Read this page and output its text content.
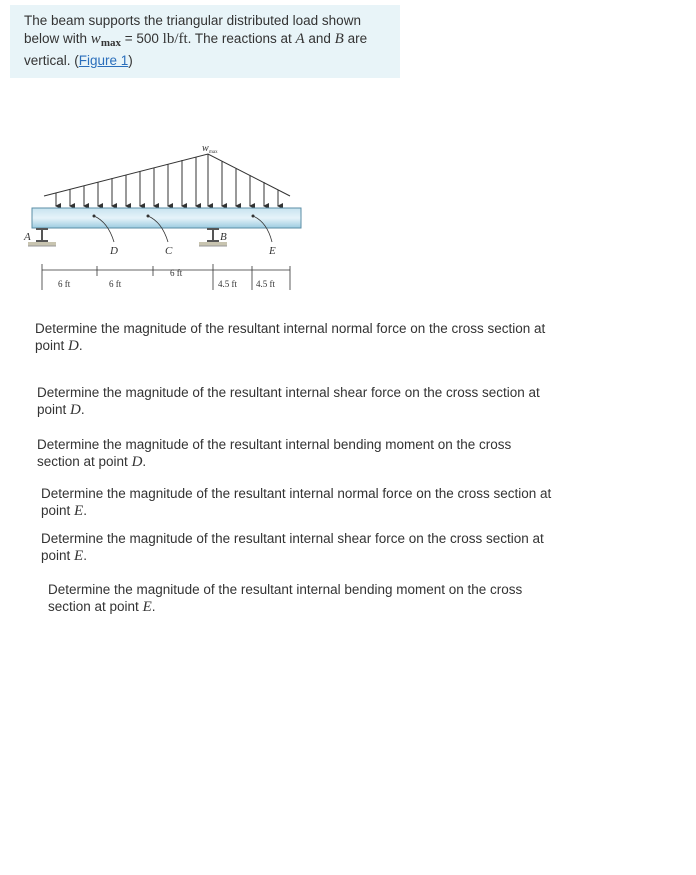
The beam supports the triangular distributed load shown below with $w_{max} = 500$ lb/ft. The reactions at A and B are vertical. (Figure 1)
w max
A	B
D	C	E
6 ft	6 ft
6 ft
4.5 ft 4.5 ft
Determine the magnitude of the resultant internal normal force on the cross section at point D.
Determine the magnitude of the resultant internal shear force on the cross section at point D.
Determine the magnitude of the resultant internal bending moment on the cross section at point D.
Determine the magnitude of the resultant internal normal force on the cross section at point E.
Determine the magnitude of the resultant internal shear force on the cross section at point E.
Determine the magnitude of the resultant internal bending moment on the cross section at point E.
